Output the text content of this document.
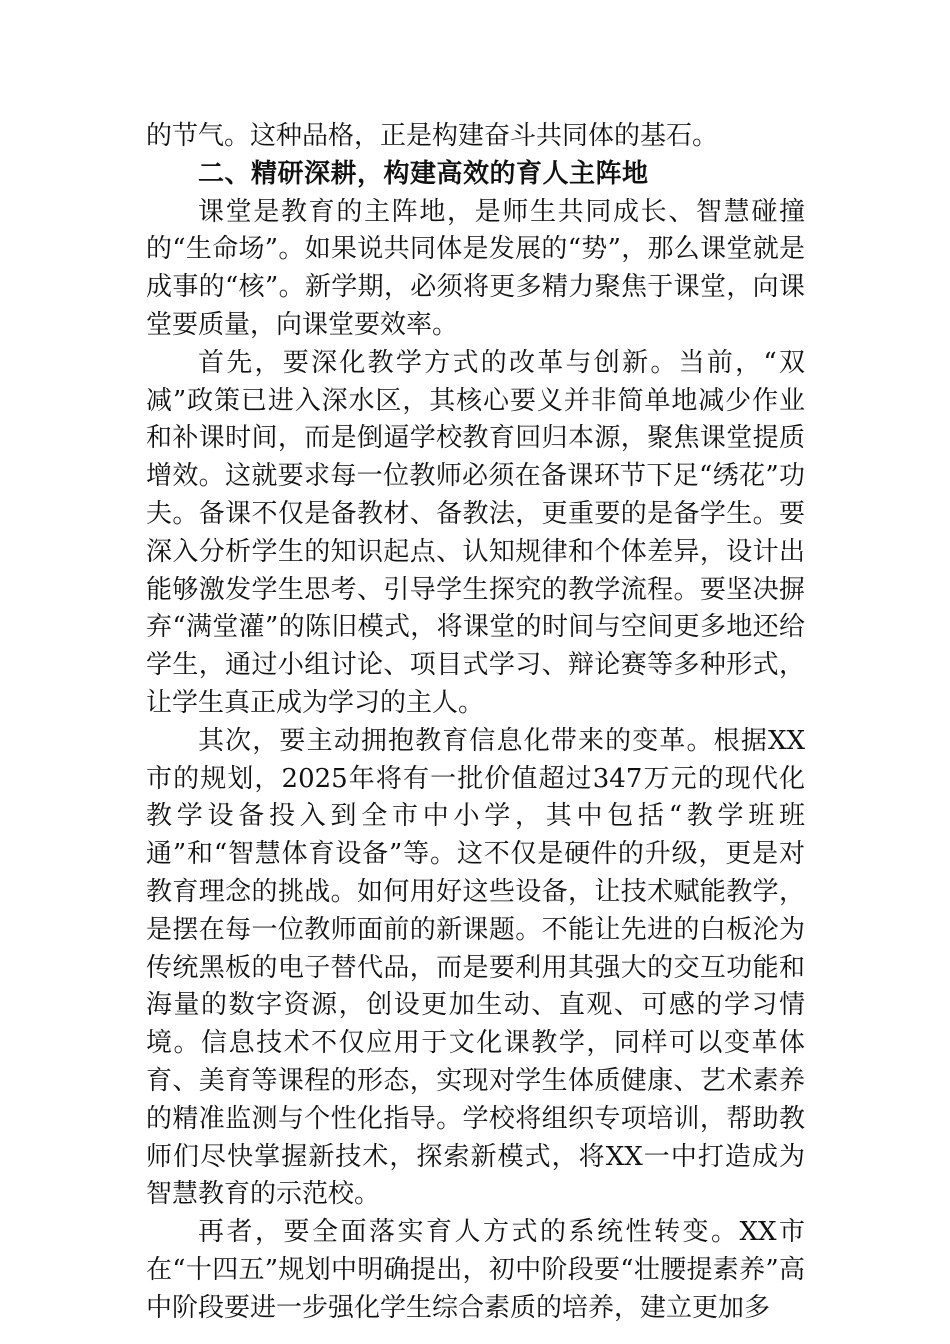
的节气。这种品格，正是构建奋斗共同体的基石。

二、精研深耕，构建高效的育人主阵地

课堂是教育的主阵地，是师生共同成长、智慧碰撞的“生命场”。如果说共同体是发展的“势”，那么课堂就是成事的“核”。新学期，必须将更多精力聚焦于课堂，向课堂要质量，向课堂要效率。

首先，要深化教学方式的改革与创新。当前，“双减”政策已进入深水区，其核心要义并非简单地减少作业和补课时间，而是倒逼学校教育回归本源，聚焦课堂提质增效。这就要求每一位教师必须在备课环节下足“绣花”功夫。备课不仅是备教材、备教法，更重要的是备学生。要深入分析学生的知识起点、认知规律和个体差异，设计出能够激发学生思考、引导学生探究的教学流程。要坚决摒弃“满堂灌”的陈旧模式，将课堂的时间与空间更多地还给学生，通过小组讨论、项目式学习、辩论赛等多种形式，让学生真正成为学习的主人。

其次，要主动拥抱教育信息化带来的变革。根据XX市的规划，2025年将有一批价值超过347万元的现代化教学设备投入到全市中小学，其中包括“教学班班通”和“智慧体育设备”等。这不仅是硬件的升级，更是对教育理念的挑战。如何用好这些设备，让技术赋能教学，是摆在每一位教师面前的新课题。不能让先进的白板沦为传统黑板的电子替代品，而是要利用其强大的交互功能和海量的数字资源，创设更加生动、直观、可感的学习情境。信息技术不仅应用于文化课教学，同样可以变革体育、美育等课程的形态，实现对学生体质健康、艺术素养的精准监测与个性化指导。学校将组织专项培训，帮助教师们尽快掌握新技术，探索新模式，将XX一中打造成为智慧教育的示范校。

再者，要全面落实育人方式的系统性转变。XX市在“十四五”规划中明确提出，初中阶段要“壮腰提素养”高中阶段要进一步强化学生综合素质的培养，建立更加多
